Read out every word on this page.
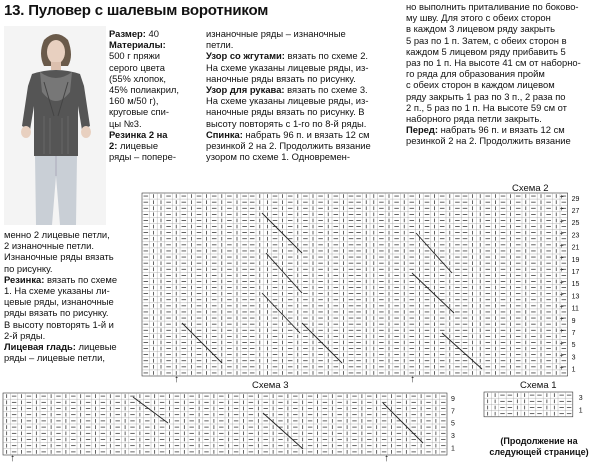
13. Пуловер с шалевым воротником
Размер: 40
Материалы:
500 г пряжи
серого цвета
(55% хлопок,
45% полиакрил,
160 м/50 г),
круговые спи-
цы №3.
Резинка 2 на
2: лицевые
ряды – попере-
менно 2 лицевые петли,
2 изнаночные петли.
Изнаночные ряды вязать
по рисунку.
Резинка: вязать по схеме
1. На схеме указаны ли-
цевые ряды, изнаночные
ряды вязать по рисунку.
В высоту повторять 1-й и
2-й ряды.
Лицевая гладь: лицевые
ряды – лицевые петли,
изнаночные ряды – изнаночные
петли.
Узор со жгутами: вязать по схеме 2.
На схеме указаны лицевые ряды, из-
наночные ряды вязать по рисунку.
Узор для рукава: вязать по схеме 3.
На схеме указаны лицевые ряды, из-
наночные ряды вязать по рисунку. В
высоту повторять с 1-го по 8-й ряды.
Спинка: набрать 96 п. и вязать 12 см
резинкой 2 на 2. Продолжить вязание
узором по схеме 1. Одновремен-
но выполнить приталивание по боково-
му шву. Для этого с обеих сторон
в каждом 3 лицевом ряду закрыть
5 раз по 1 п. Затем, с обеих сторон в
каждом 5 лицевом ряду прибавить 5
раз по 1 п. На высоте 41 см от наборно-
го ряда для образования пройм
с обеих сторон в каждом лицевом
ряду закрыть 1 раз по 3 п., 2 раза по
2 п., 5 раз по 1 п. На высоте 59 см от
наборного ряда петли закрыть.
Перед: набрать 96 п. и вязать 12 см
резинкой 2 на 2. Продолжить вязание
Схема 2
+
+
+
+
+
+
+
+
+
+
+
+
+
+
+
29
27
25
23
21
19
17
15
13
11
9
7
5
3
1
↑	↑
Схема 3
9
7
5
3
1
↑	↑
Схема 1
3
1
(Продолжение на
следующей странице)
